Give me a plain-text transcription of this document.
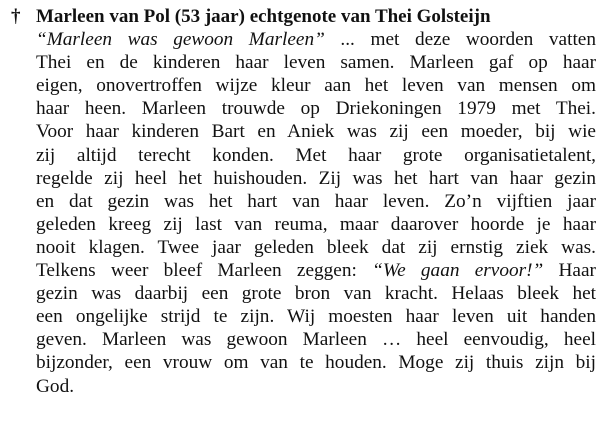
† Marleen van Pol (53 jaar) echtgenote van Thei Golsteijn
“Marleen was gewoon Marleen” ... met deze woorden vatten
Thei en de kinderen haar leven samen. Marleen gaf op haar
eigen, onovertroffen wijze kleur aan het leven van mensen om
haar heen. Marleen trouwde op Driekoningen 1979 met Thei.
Voor haar kinderen Bart en Aniek was zij een moeder, bij wie
zij altijd terecht konden. Met haar grote organisatietalent,
regelde zij heel het huishouden. Zij was het hart van haar gezin
en dat gezin was het hart van haar leven. Zo’n vijftien jaar
geleden kreeg zij last van reuma, maar daarover hoorde je haar
nooit klagen. Twee jaar geleden bleek dat zij ernstig ziek was.
Telkens weer bleef Marleen zeggen: “We gaan ervoor!” Haar
gezin was daarbij een grote bron van kracht. Helaas bleek het
een ongelijke strijd te zijn. Wij moesten haar leven uit handen
geven. Marleen was gewoon Marleen … heel eenvoudig, heel
bijzonder, een vrouw om van te houden. Moge zij thuis zijn bij
God.
